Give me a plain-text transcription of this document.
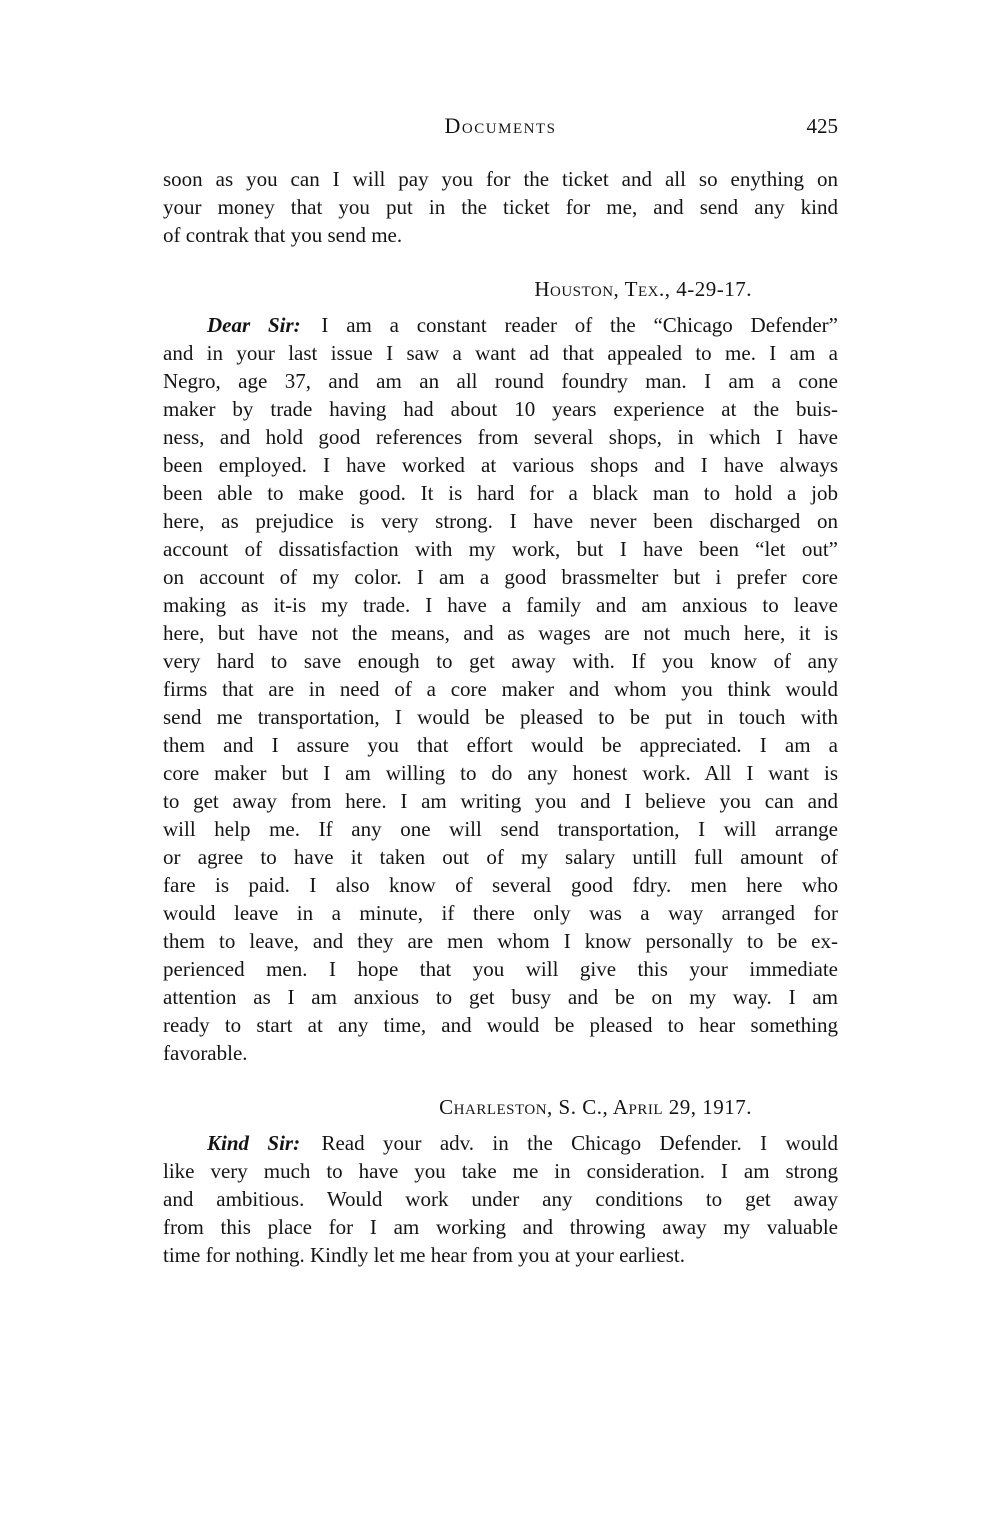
Documents	425
soon as you can I will pay you for the ticket and all so enything on
your money that you put in the ticket for me, and send any kind
of contrak that you send me.
Houston, Tex., 4-29-17.
Dear Sir: I am a constant reader of the “Chicago Defender”
and in your last issue I saw a want ad that appealed to me. I am a
Negro, age 37, and am an all round foundry man. I am a cone
maker by trade having had about 10 years experience at the buis-
ness, and hold good references from several shops, in which I have
been employed. I have worked at various shops and I have always
been able to make good. It is hard for a black man to hold a job
here, as prejudice is very strong. I have never been discharged on
account of dissatisfaction with my work, but I have been “let out”
on account of my color. I am a good brassmelter but i prefer core
making as it-is my trade. I have a family and am anxious to leave
here, but have not the means, and as wages are not much here, it is
very hard to save enough to get away with. If you know of any
firms that are in need of a core maker and whom you think would
send me transportation, I would be pleased to be put in touch with
them and I assure you that effort would be appreciated. I am a
core maker but I am willing to do any honest work. All I want is
to get away from here. I am writing you and I believe you can and
will help me. If any one will send transportation, I will arrange
or agree to have it taken out of my salary untill full amount of
fare is paid. I also know of several good fdry. men here who
would leave in a minute, if there only was a way arranged for
them to leave, and they are men whom I know personally to be ex-
perienced men. I hope that you will give this your immediate
attention as I am anxious to get busy and be on my way. I am
ready to start at any time, and would be pleased to hear something
favorable.
Charleston, S. C., April 29, 1917.
Kind Sir: Read your adv. in the Chicago Defender. I would
like very much to have you take me in consideration. I am strong
and ambitious. Would work under any conditions to get away
from this place for I am working and throwing away my valuable
time for nothing. Kindly let me hear from you at your earliest.
